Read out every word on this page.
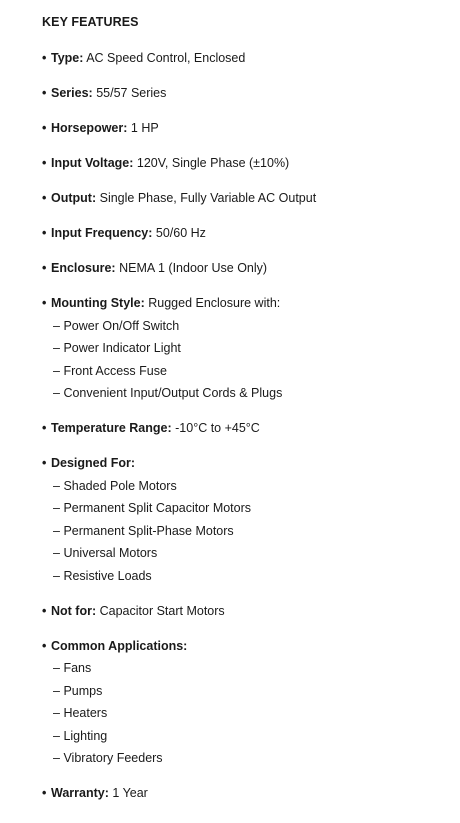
KEY FEATURES
• Type: AC Speed Control, Enclosed
• Series: 55/57 Series
• Horsepower: 1 HP
• Input Voltage: 120V, Single Phase (±10%)
• Output: Single Phase, Fully Variable AC Output
• Input Frequency: 50/60 Hz
• Enclosure: NEMA 1 (Indoor Use Only)
• Mounting Style: Rugged Enclosure with:
– Power On/Off Switch
– Power Indicator Light
– Front Access Fuse
– Convenient Input/Output Cords & Plugs
• Temperature Range: -10°C to +45°C
• Designed For:
– Shaded Pole Motors
– Permanent Split Capacitor Motors
– Permanent Split-Phase Motors
– Universal Motors
– Resistive Loads
• Not for: Capacitor Start Motors
• Common Applications:
– Fans
– Pumps
– Heaters
– Lighting
– Vibratory Feeders
• Warranty: 1 Year
